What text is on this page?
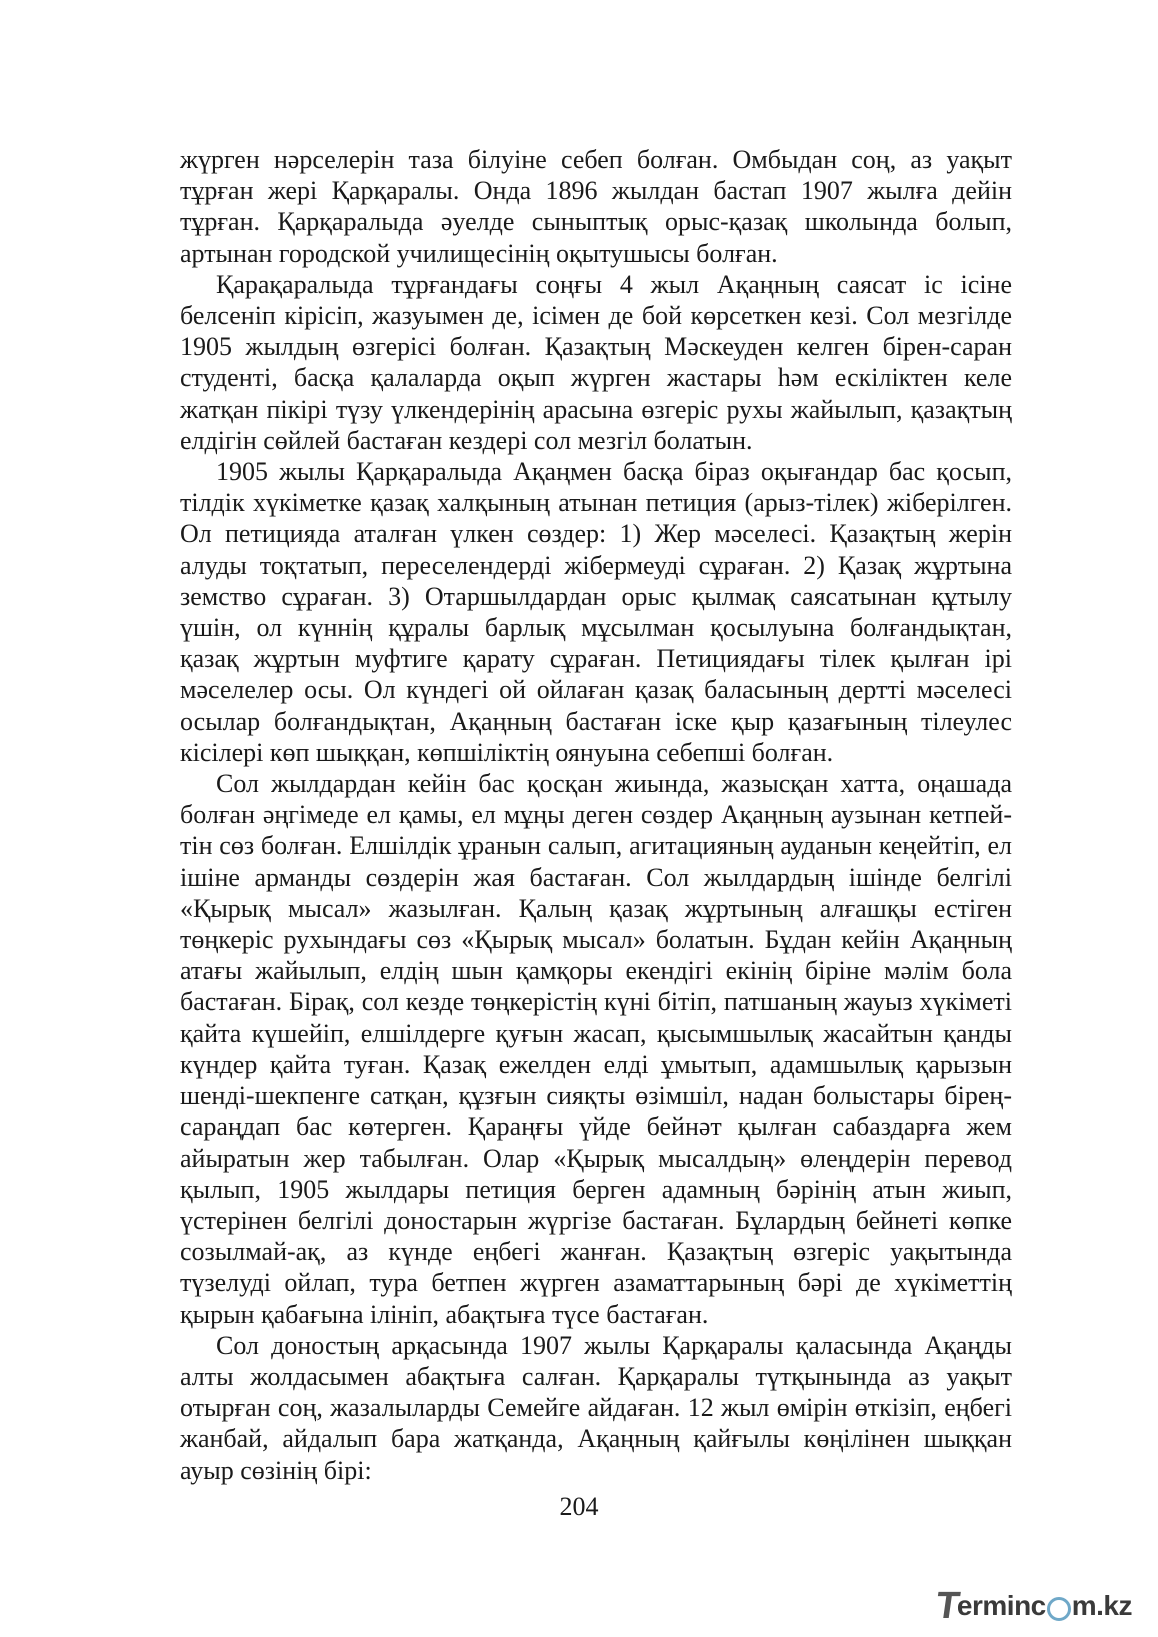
жүрген нәрселерін таза білуіне себеп болған. Омбыдан соң, аз уақыт тұрған жері Қарқаралы. Онда 1896 жылдан бастап 1907 жылға дейін тұрған. Қарқаралыда әуелде сыныптық орыс-қазақ школында болып, артынан городской училищесінің оқытушысы болған.

Қарақаралыда тұрғандағы соңғы 4 жыл Ақаңның саясат іс ісіне белсеніп кірісіп, жазуымен де, ісімен де бой көрсеткен кезі. Сол мезгілде 1905 жылдың өзгерісі болған. Қазақтың Мәскеуден келген бірен-саран студенті, басқа қалаларда оқып жүрген жастары һәм ескіліктен келе жатқан пікірі түзу үлкендерінің арасына өзгеріс рухы жайылып, қазақтың елдігін сөйлей бастаған кездері сол мезгіл болатын.

1905 жылы Қарқаралыда Ақаңмен басқа біраз оқығандар бас қосып, тілдік хүкіметке қазақ халқының атынан петиция (арыз-тілек) жіберілген. Ол петицияда аталған үлкен сөздер: 1) Жер мәселесі. Қазақтың жерін алуды тоқтатып, переселендерді жібермеуді сұраған. 2) Қазақ жұртына земство сұраған. 3) Отаршылдардан орыс қылмақ саясатынан құтылу үшін, ол күннің құралы барлық мұсылман қосылуына болғандықтан, қазақ жұртын муфтиге қарату сұраған. Петициядағы тілек қылған ірі мәселелер осы. Ол күндегі ой ойлаған қазақ баласының дертті мәселесі осылар болғандықтан, Ақаңның бастаған іске қыр қазағының тілеулес кісілері көп шыққан, көпшіліктің оянуына себепші болған.

Сол жылдардан кейін бас қосқан жиында, жазысқан хатта, оңашада болған әңгімеде ел қамы, ел мұңы деген сөздер Ақаңның аузынан кетпейтін сөз болған. Елшілдік ұранын салып, агитацияның ауданын кеңейтіп, ел ішіне арманды сөздерін жая бастаған. Сол жылдардың ішінде белгілі «Қырық мысал» жазылған. Қалың қазақ жұртының алғашқы естіген төңкеріс рухындағы сөз «Қырық мысал» болатын. Бұдан кейін Ақаңның атағы жайылып, елдің шын қамқоры екендігі екінің біріне мәлім бола бастаған. Бірақ, сол кезде төңкерістің күні бітіп, патшаның жауыз хүкіметі қайта күшейіп, елшілдерге қуғын жасап, қысымшылық жасайтын қанды күндер қайта туған. Қазақ ежелден елді ұмытып, адамшылық қарызын шенді-шекпенге сатқан, құзғын сияқты өзімшіл, надан болыстары біреңсараңдап бас көтерген. Қараңғы үйде бейнәт қылған сабаздарға жем айыратын жер табылған. Олар «Қырық мысалдың» өлеңдерін перевод қылып, 1905 жылдары петиция берген адамның бәрінің атын жиып, үстерінен белгілі доностарын жүргізе бастаған. Бұлардың бейнеті көпке созылмай-ақ, аз күнде еңбегі жанған. Қазақтың өзгеріс уақытында түзелуді ойлап, тура бетпен жүрген азаматтарының бәрі де хүкіметтің қырын қабағына ілініп, абақтыға түсе бастаған.

Сол доностың арқасында 1907 жылы Қарқаралы қаласында Ақаңды алты жолдасымен абақтыға салған. Қарқаралы түтқынында аз уақыт отырған соң, жазалыларды Семейге айдаған. 12 жыл өмірін өткізіп, еңбегі жанбай, айдалып бара жатқанда, Ақаңның қайғылы көңілінен шыққан ауыр сөзінің бірі:

204
T
ermin c m.kz
